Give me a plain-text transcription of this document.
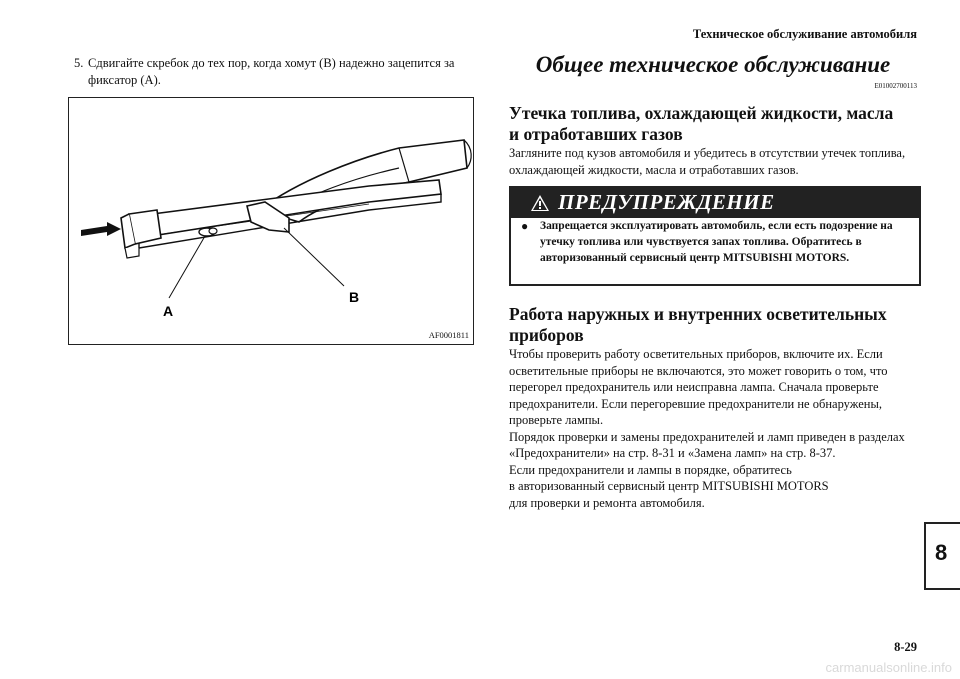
Техническое обслуживание автомобиля
5. Сдвигайте скребок до тех пор, когда хомут (B) надежно зацепится за фиксатор (A).
A
B
AF0001811
Общее техническое обслуживание
E01002700113
Утечка топлива, охлаждающей жидкости, масла
и отработавших газов
Загляните под кузов автомобиля и убедитесь в отсутствии утечек топлива, охлаждающей жидкости, масла и отработавших газов.
ПРЕДУПРЕЖДЕНИЕ
● Запрещается эксплуатировать автомобиль, если есть подозрение на утечку топлива или чувствуется запах топлива. Обратитесь в авторизованный сервисный центр MITSUBISHI MOTORS.
Работа наружных и внутренних осветительных
приборов
Чтобы проверить работу осветительных приборов, включите их. Если осветительные приборы не включаются, это может говорить о том, что перегорел предохранитель или неисправна лампа. Сначала проверьте предохранители. Если перегоревшие предохранители не обнаружены, проверьте лампы.
Порядок проверки и замены предохранителей и ламп приведен в разделах «Предохранители» на стр. 8-31 и «Замена ламп» на стр. 8-37.
Если предохранители и лампы в порядке, обратитесь
в авторизованный сервисный центр MITSUBISHI MOTORS
для проверки и ремонта автомобиля.
8
8-29
carmanualsonline.info
